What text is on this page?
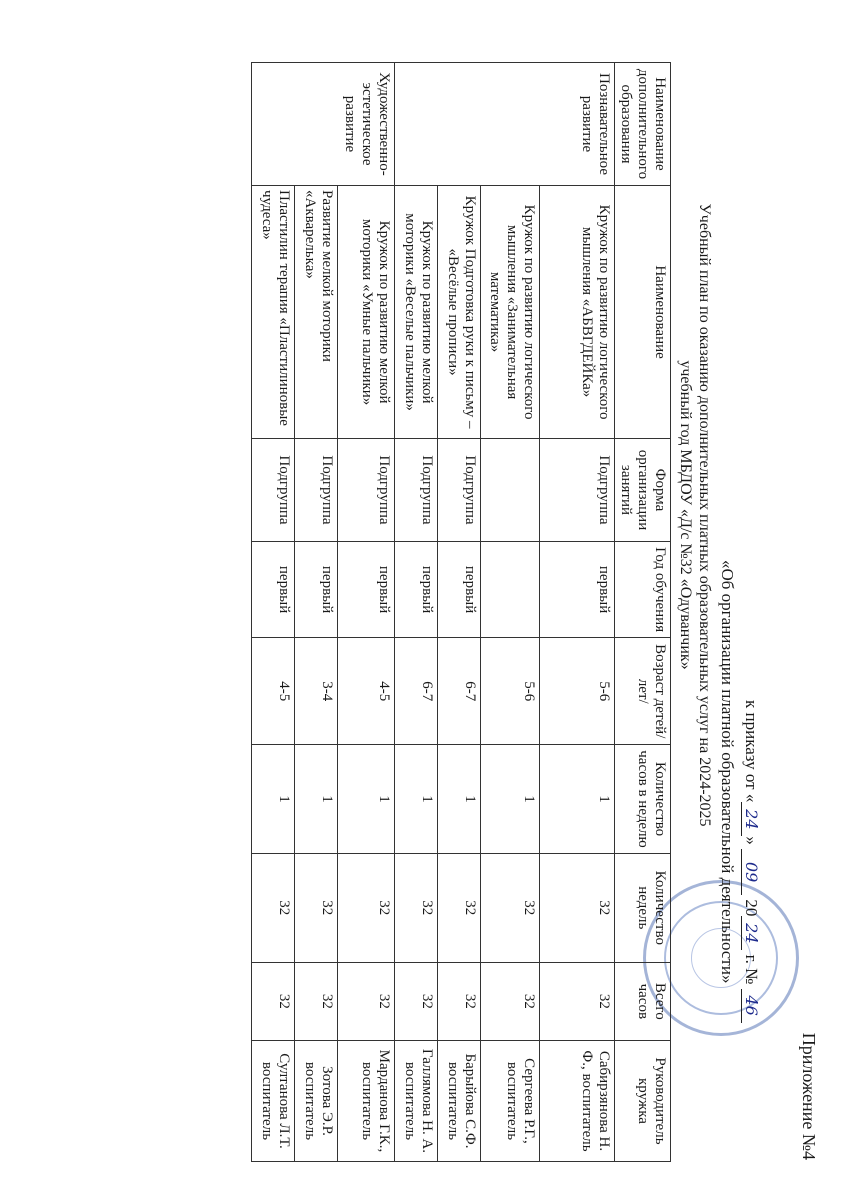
Приложение №4
к приказу от «24» 09 2024 г. № 46
«Об организации платной образовательной деятельности»
Учебный план по оказанию дополнительных платных образовательных услуг на 2024-2025 учебный год МБДОУ «Д/с №32 «Одуванчик»
Наименование дополнительного образования	Наименование	Форма организации занятий	Год обучения	Возраст детей/лет/	Количество часов в неделю	Количество недель	Всего часов	Руководитель кружка
Познавательное развитие	Кружок по развитию логического мышления «АБВГДЕЙКа»	Подгруппа	первый	5-6	1	32	32	Сабирзянова Н. Ф., воспитатель
	Кружок по развитию логического мышления «Занимательная математика»			5-6	1	32	32	Сергеева Р.Г., воспитатель
	Кружок Подготовка руки к письму – «Весёлые прописи»	Подгруппа	первый	6-7	1	32	32	Барыйова С.Ф. воспитатель
	Кружок по развитию мелкой моторики «Веселые пальчики»	Подгруппа	первый	6-7	1	32	32	Галлямова Н. А. воспитатель
Художественно-эстетическое развитие	Кружок по развитию мелкой моторики «Умные пальчики»	Подгруппа	первый	4-5	1	32	32	Марданова Г.К., воспитатель
	Развитие мелкой моторики «Акварелька»	Подгруппа	первый	3-4	1	32	32	Зотова Э.Р. воспитатель
	Пластилин терапия «Пластилиновые чудеса»	Подгруппа	первый	4-5	1	32	32	Султанова Л.Т. воспитатель
